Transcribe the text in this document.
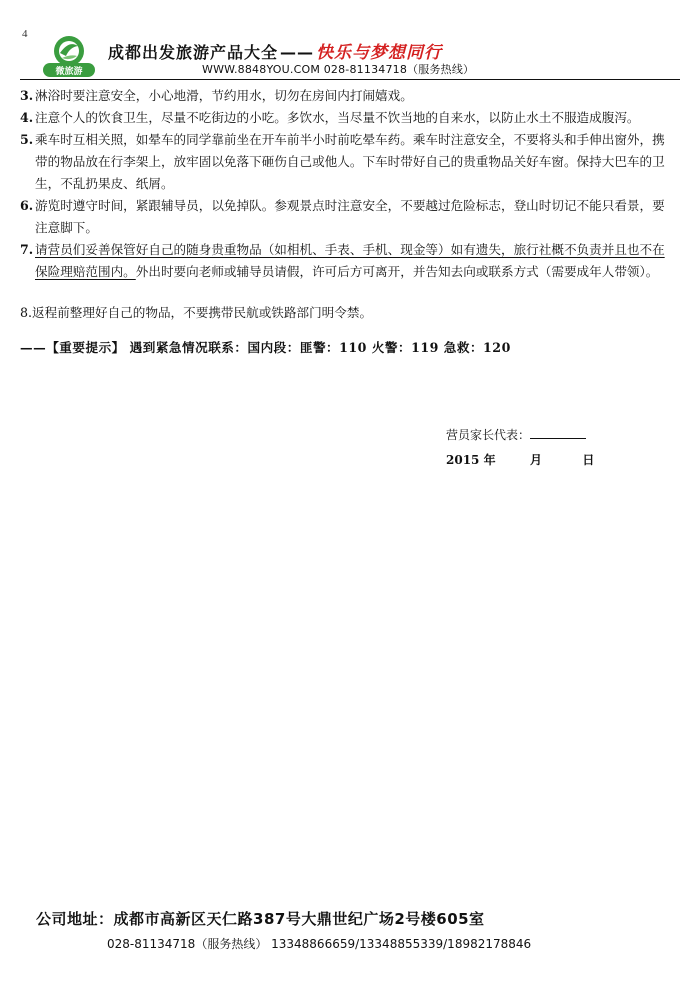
4
微旅游
成都出发旅游产品大全 —— 快乐与梦想同行
WWW.8848YOU.COM 028-81134718（服务热线）

3. 淋浴时要注意安全，小心地滑，节约用水，切勿在房间内打闹嬉戏。

4. 注意个人的饮食卫生，尽量不吃街边的小吃。多饮水，当尽量不饮当地的自来水，以防止水土不服造成腹泻。

5. 乘车时互相关照，如晕车的同学靠前坐在开车前半小时前吃晕车药。乘车时注意安全，不要将头和手伸出窗外，携带的物品放在行李架上，放牢固以免落下砸伤自己或他人。下车时带好自己的贵重物品关好车窗。保持大巴车的卫生，不乱扔果皮、纸屑。

6. 游览时遵守时间，紧跟辅导员，以免掉队。参观景点时注意安全，不要越过危险标志，登山时切记不能只看景，要注意脚下。

7. 请营员们妥善保管好自己的随身贵重物品（如相机、手表、手机、现金等）如有遗失，旅行社概不负责并且也不在保险理赔范围内。外出时要向老师或辅导员请假，许可后方可离开，并告知去向或联系方式（需要成年人带领）。

8.返程前整理好自己的物品，不要携带民航或铁路部门明令禁。

——【重要提示】 遇到紧急情况联系：国内段：匪警：110 火警：119 急救：120

营员家长代表：
2015 年	月	日
公司地址：成都市高新区天仁路387号大鼎世纪广场2号楼605室
028-81134718（服务热线） 13348866659/13348855339/18982178846
